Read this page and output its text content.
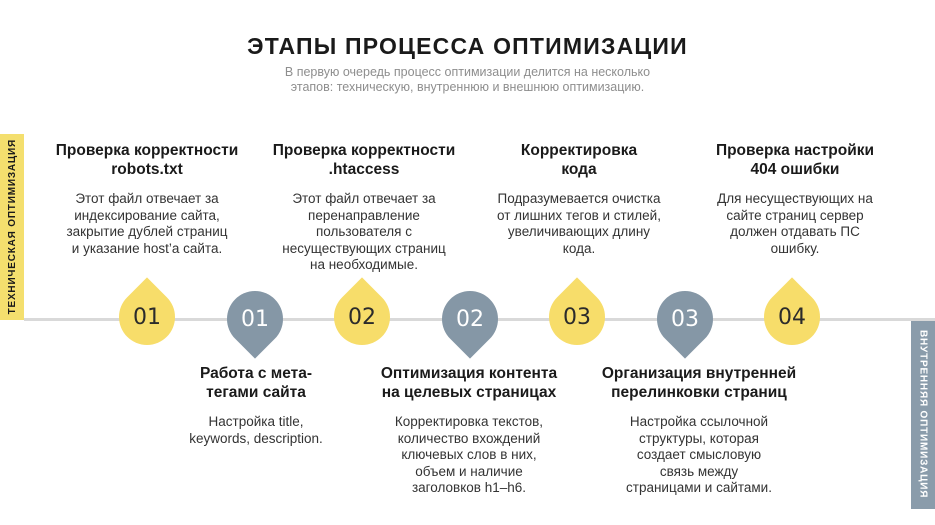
ЭТАПЫ ПРОЦЕССА ОПТИМИЗАЦИИ
В первую очередь процесс оптимизации делится на несколько
этапов: техническую, внутреннюю и внешнюю оптимизацию.
ТЕХНИЧЕСКАЯ ОПТИМИЗАЦИЯ
ВНУТРЕННЯЯ ОПТИМИЗАЦИЯ
01	01	02	02	03	03	04
Проверка корректности
robots.txt
Этот файл отвечает за
индексирование сайта,
закрытие дублей страниц
и указание host’а сайта.
Проверка корректности
.htaccess
Этот файл отвечает за
перенаправление
пользователя с
несуществующих страниц
на необходимые.
Корректировка
кода
Подразумевается очистка
от лишних тегов и стилей,
увеличивающих длину
кода.
Проверка настройки
404 ошибки
Для несуществующих на
сайте страниц сервер
должен отдавать ПС
ошибку.
Работа с мета-
тегами сайта
Настройка title,
keywords, description.
Оптимизация контента
на целевых страницах
Корректировка текстов,
количество вхождений
ключевых слов в них,
объем и наличие
заголовков h1–h6.
Организация внутренней
перелинковки страниц
Настройка ссылочной
структуры, которая
создает смысловую
связь между
страницами и сайтами.
